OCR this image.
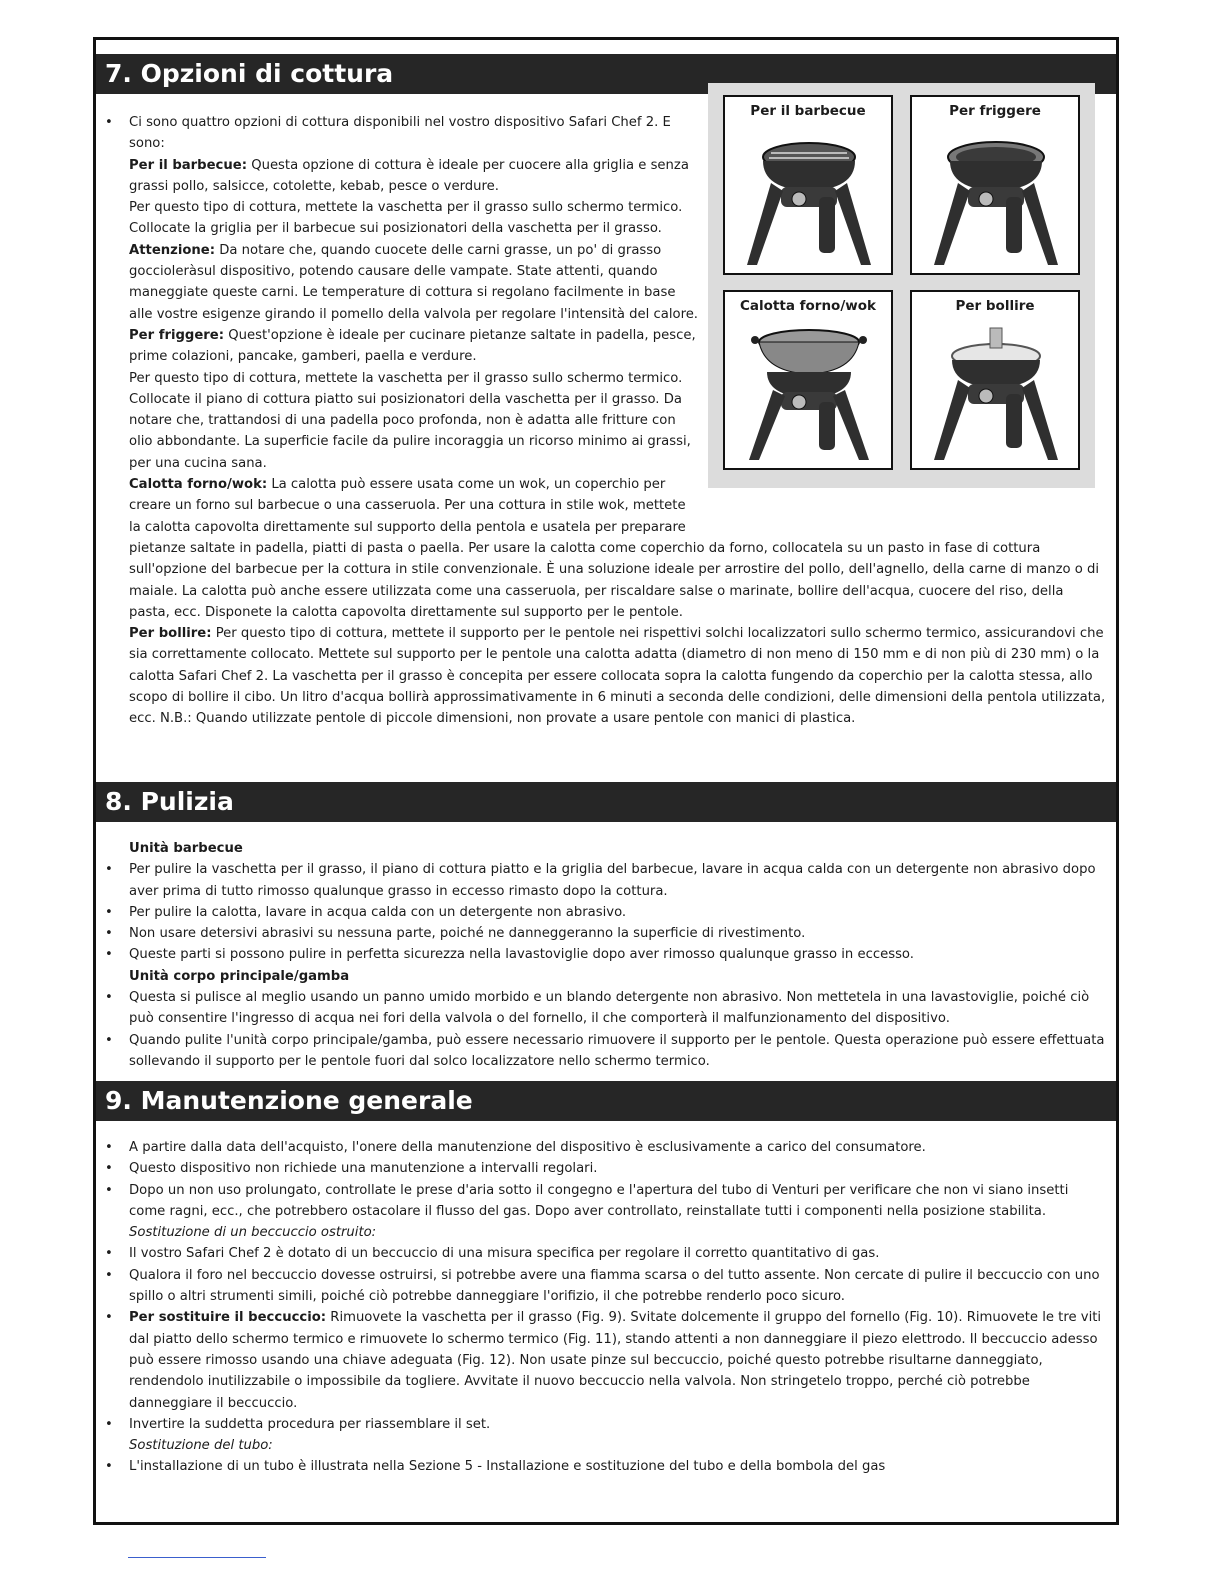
7. Opzioni di cottura
• Ci sono quattro opzioni di cottura disponibili nel vostro dispositivo Safari Chef 2. E sono:
Per il barbecue: Questa opzione di cottura è ideale per cuocere alla griglia e senza grassi pollo, salsicce, cotolette, kebab, pesce o verdure.
Per questo tipo di cottura, mettete la vaschetta per il grasso sullo schermo termico. Collocate la griglia per il barbecue sui posizionatori della vaschetta per il grasso.
Attenzione: Da notare che, quando cuocete delle carni grasse, un po' di grasso goccioleràsul dispositivo, potendo causare delle vampate. State attenti, quando maneggiate queste carni. Le temperature di cottura si regolano facilmente in base alle vostre esigenze girando il pomello della valvola per regolare l'intensità del calore.
Per friggere: Quest'opzione è ideale per cucinare pietanze saltate in padella, pesce, prime colazioni, pancake, gamberi, paella e verdure.
Per questo tipo di cottura, mettete la vaschetta per il grasso sullo schermo termico. Collocate il piano di cottura piatto sui posizionatori della vaschetta per il grasso. Da notare che, trattandosi di una padella poco profonda, non è adatta alle fritture con olio abbondante. La superficie facile da pulire incoraggia un ricorso minimo ai grassi, per una cucina sana.
Calotta forno/wok: La calotta può essere usata come un wok, un coperchio per creare un forno sul barbecue o una casseruola. Per una cottura in stile wok, mettete la calotta capovolta direttamente sul supporto della pentola e usatela per preparare
pietanze saltate in padella, piatti di pasta o paella. Per usare la calotta come coperchio da forno, collocatela su un pasto in fase di cottura sull'opzione del barbecue per la cottura in stile convenzionale. È una soluzione ideale per arrostire del pollo, dell'agnello, della carne di manzo o di maiale. La calotta può anche essere utilizzata come una casseruola, per riscaldare salse o marinate, bollire dell'acqua, cuocere del riso, della pasta, ecc. Disponete la calotta capovolta direttamente sul supporto per le pentole.
Per bollire: Per questo tipo di cottura, mettete il supporto per le pentole nei rispettivi solchi localizzatori sullo schermo termico, assicurandovi che sia correttamente collocato. Mettete sul supporto per le pentole una calotta adatta (diametro di non meno di 150 mm e di non più di 230 mm) o la calotta Safari Chef 2. La vaschetta per il grasso è concepita per essere collocata sopra la calotta fungendo da coperchio per la calotta stessa, allo scopo di bollire il cibo. Un litro d'acqua bollirà approssimativamente in 6 minuti a seconda delle condizioni, delle dimensioni della pentola utilizzata, ecc. N.B.: Quando utilizzate pentole di piccole dimensioni, non provate a usare pentole con manici di plastica.
8. Pulizia
Unità barbecue
• Per pulire la vaschetta per il grasso, il piano di cottura piatto e la griglia del barbecue, lavare in acqua calda con un detergente non abrasivo dopo aver prima di tutto rimosso qualunque grasso in eccesso rimasto dopo la cottura.
• Per pulire la calotta, lavare in acqua calda con un detergente non abrasivo.
• Non usare detersivi abrasivi su nessuna parte, poiché ne danneggeranno la superficie di rivestimento.
• Queste parti si possono pulire in perfetta sicurezza nella lavastoviglie dopo aver rimosso qualunque grasso in eccesso.
Unità corpo principale/gamba
• Questa si pulisce al meglio usando un panno umido morbido e un blando detergente non abrasivo. Non mettetela in una lavastoviglie, poiché ciò può consentire l'ingresso di acqua nei fori della valvola o del fornello, il che comporterà il malfunzionamento del dispositivo.
• Quando pulite l'unità corpo principale/gamba, può essere necessario rimuovere il supporto per le pentole. Questa operazione può essere effettuata sollevando il supporto per le pentole fuori dal solco localizzatore nello schermo termico.
9. Manutenzione generale
• A partire dalla data dell'acquisto, l'onere della manutenzione del dispositivo è esclusivamente a carico del consumatore.
• Questo dispositivo non richiede una manutenzione a intervalli regolari.
• Dopo un non uso prolungato, controllate le prese d'aria sotto il congegno e l'apertura del tubo di Venturi per verificare che non vi siano insetti come ragni, ecc., che potrebbero ostacolare il flusso del gas. Dopo aver controllato, reinstallate tutti i componenti nella posizione stabilita.
Sostituzione di un beccuccio ostruito:
• Il vostro Safari Chef 2 è dotato di un beccuccio di una misura specifica per regolare il corretto quantitativo di gas.
• Qualora il foro nel beccuccio dovesse ostruirsi, si potrebbe avere una fiamma scarsa o del tutto assente. Non cercate di pulire il beccuccio con uno spillo o altri strumenti simili, poiché ciò potrebbe danneggiare l'orifizio, il che potrebbe renderlo poco sicuro.
• Per sostituire il beccuccio: Rimuovete la vaschetta per il grasso (Fig. 9). Svitate dolcemente il gruppo del fornello (Fig. 10). Rimuovete le tre viti dal piatto dello schermo termico e rimuovete lo schermo termico (Fig. 11), stando attenti a non danneggiare il piezo elettrodo. Il beccuccio adesso può essere rimosso usando una chiave adeguata (Fig. 12). Non usate pinze sul beccuccio, poiché questo potrebbe risultarne danneggiato, rendendolo inutilizzabile o impossibile da togliere. Avvitate il nuovo beccuccio nella valvola. Non stringetelo troppo, perché ciò potrebbe danneggiare il beccuccio.
• Invertire la suddetta procedura per riassemblare il set.
Sostituzione del tubo:
• L'installazione di un tubo è illustrata nella Sezione 5 - Installazione e sostituzione del tubo e della bombola del gas
Per il barbecue	Per friggere
Calotta forno/wok	Per bollire
